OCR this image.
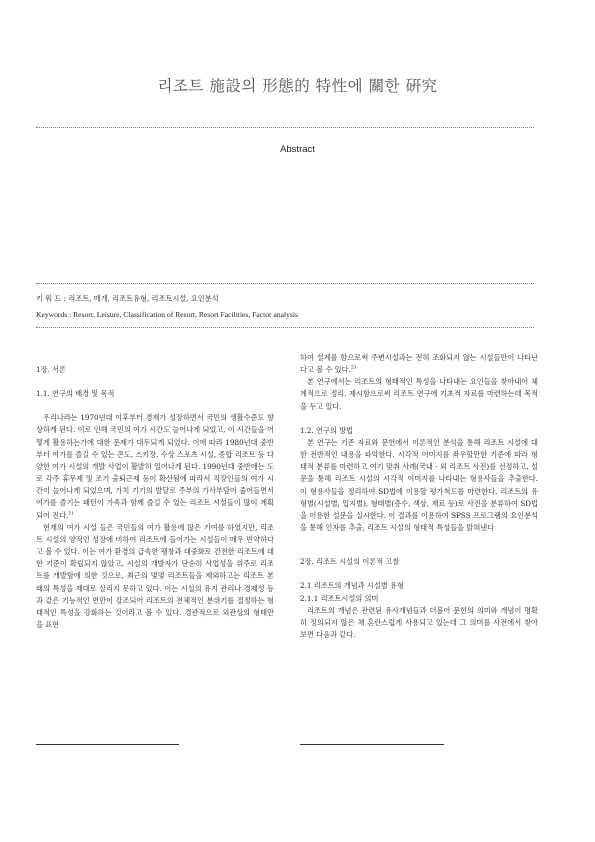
리조트 施設의 形態的 特性에 關한 硏究
Abstract
키 워 드 : 리조트, 매개, 리조트유형, 리조트시설, 요인분석
Keywords : Resort, Leisure, Classification of Resort, Resort Facilities, Factor analysis
1장. 서론
1.1. 연구의 배경 및 목적

우리나라는 1970년대 이후부터 경제가 성장하면서 국민의 생활수준도 향상하게 된다. 이로 인해 국민의 여가 시간도 늘어나게 되었고, 이 시간들을 어떻게 활용하는가에 대한 문제가 대두되게 되었다. 이에 따라 1980년대 중반부터 여가를 즐길 수 있는 콘도, 스키장, 수상 스포츠 시설, 종합 리조트 등 다양한 여가 시설의 개발 사업이 활발히 일어나게 된다. 1990년대 중반에는 도로 각주 휴무제 및 조기 출퇴근제 등이 확산됨에 따라서 직장인들의 여가 시간이 늘어나게 되었으며, 가치 기기의 발달로 주부의 가사부담이 줄어들면서 여가를 즐기는 패턴이 가족과 함께 즐길 수 있는 리조트 시설들이 많이 계획되어 진다.$^{1)}$

현재의 여가 시설 들은 국민들의 여가 활용에 많은 기여를 하였지만, 리조트 시설의 양적인 성장에 비하여 리조트에 들어가는 시설들이 매우 빈약하다고 볼 수 있다. 이는 여가 환경의 급속한 팽창과 대중화로 건전한 리조트에 대한 기준이 확립되지 않았고, 시설의 개발자가 단순히 사업성을 위주로 리조트를 개발함에 의한 것으로, 최근의 몇몇 리조트들을 제외하고는 리조트 본래의 특성을 제대로 살리지 못하고 있다. 이는 시설의 유지 관리나 경제성 등과 같은 기능적인 면만이 강조되어 리조트의 전체적인 분위기를 결정하는 형태적인 특성을 강화하는 것이라고 볼 수 있다. 경관적으로 외관상의 형태만을 표현

하여 설계를 함으로써 주변시설과는 전혀 조화되지 않는 시설들만이 나타난다고 볼 수 있다.$^{2)}$

본 연구에서는 리조트의 형태적인 특성을 나타내는 요인들을 찾아내어 체계적으로 정리, 제시함으로써 리조트 연구에 기초적 자료를 마련하는데 목적을 두고 있다.

1.2. 연구의 방법

본 연구는 기존 자료와 문헌에서 이론적인 분석을 통해 리조트 시설에 대한 전반적인 내용을 파악한다. 시각적 이미지를 좌우할만한 기준에 따라 형태적 분류를 마련하고 여기 맞춰 사례(국내 · 외 리조트 사진)를 선정하고, 설문을 통해 리조트 시설의 시각적 이미지를 나타내는 형용사들을 추출한다. 이 형용사들을 정리하여 SD법에 이용할 평가척도를 마련한다. 리조트의 유형별(시설별, 입지별), 형태별(층수, 색상, 재료 등)로 사진을 분류하여 SD법을 이용한 설문을 실시한다. 이 결과를 이용하여 SPSS 프로그램의 요인분석을 통해 인자를 추출, 리조트 시설의 형태적 특성들을 밝혀낸다

2장. 리조트 시설의 이론적 고찰
2.1 리조트의 개념과 시설별 유형
2.1.1 리조트시설의 의미

리조트의 개념은 관련된 유사개념들과 더불어 문헌의 의미와 개념이 명확히 정의되지 않은 채 혼란스럽게 사용되고 있는데 그 의미를 사전에서 찾아보면 다음과 같다.
